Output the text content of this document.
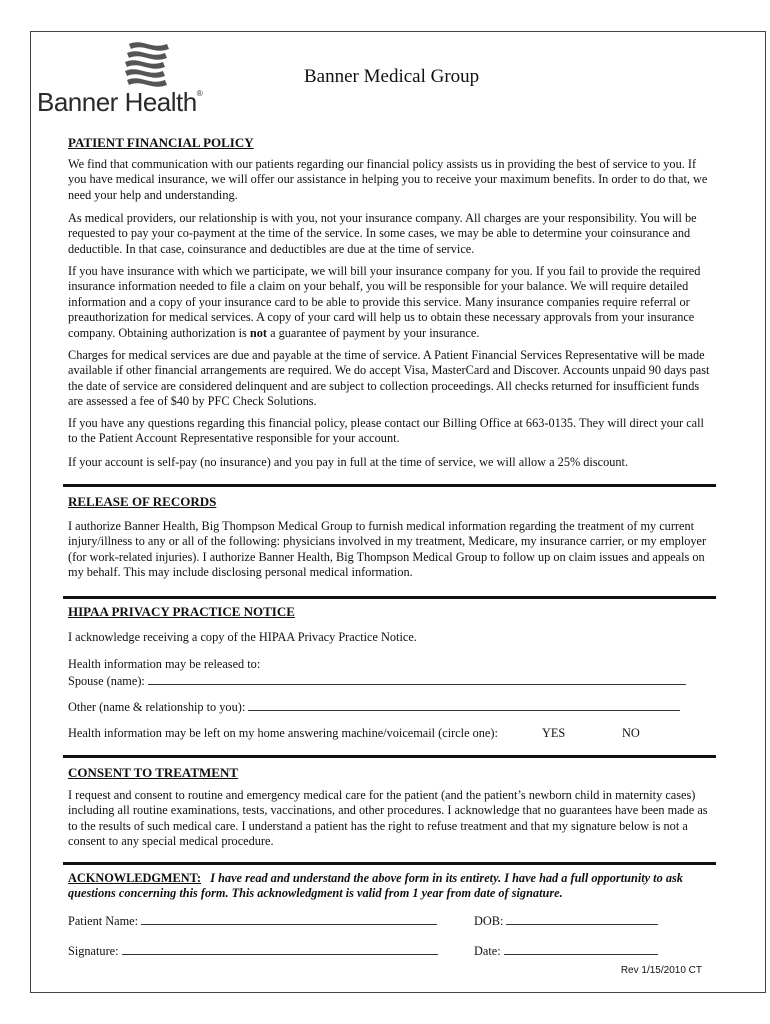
Banner Health®
Banner Medical Group
PATIENT FINANCIAL POLICY
We find that communication with our patients regarding our financial policy assists us in providing the best of service to you. If you have medical insurance, we will offer our assistance in helping you to receive your maximum benefits. In order to do that, we need your help and understanding.
As medical providers, our relationship is with you, not your insurance company. All charges are your responsibility. You will be requested to pay your co-payment at the time of the service. In some cases, we may be able to determine your coinsurance and deductible. In that case, coinsurance and deductibles are due at the time of service.
If you have insurance with which we participate, we will bill your insurance company for you. If you fail to provide the required insurance information needed to file a claim on your behalf, you will be responsible for your balance. We will require detailed information and a copy of your insurance card to be able to provide this service. Many insurance companies require referral or preauthorization for medical services. A copy of your card will help us to obtain these necessary approvals from your insurance company. Obtaining authorization is not a guarantee of payment by your insurance.
Charges for medical services are due and payable at the time of service. A Patient Financial Services Representative will be made available if other financial arrangements are required. We do accept Visa, MasterCard and Discover. Accounts unpaid 90 days past the date of service are considered delinquent and are subject to collection proceedings. All checks returned for insufficient funds are assessed a fee of $40 by PFC Check Solutions.
If you have any questions regarding this financial policy, please contact our Billing Office at 663-0135. They will direct your call to the Patient Account Representative responsible for your account.
If your account is self-pay (no insurance) and you pay in full at the time of service, we will allow a 25% discount.
RELEASE OF RECORDS
I authorize Banner Health, Big Thompson Medical Group to furnish medical information regarding the treatment of my current injury/illness to any or all of the following: physicians involved in my treatment, Medicare, my insurance carrier, or my employer (for work-related injuries). I authorize Banner Health, Big Thompson Medical Group to follow up on claim issues and appeals on my behalf. This may include disclosing personal medical information.
HIPAA PRIVACY PRACTICE NOTICE
I acknowledge receiving a copy of the HIPAA Privacy Practice Notice.
Health information may be released to:
Spouse (name):
Other (name & relationship to you):
Health information may be left on my home answering machine/voicemail (circle one):	YES	NO
CONSENT TO TREATMENT
I request and consent to routine and emergency medical care for the patient (and the patient’s newborn child in maternity cases) including all routine examinations, tests, vaccinations, and other procedures. I acknowledge that no guarantees have been made as to the results of such medical care. I understand a patient has the right to refuse treatment and that my signature below is not a consent to any special medical procedure.
ACKNOWLEDGMENT: I have read and understand the above form in its entirety. I have had a full opportunity to ask questions concerning this form. This acknowledgment is valid from 1 year from date of signature.
Patient Name:	DOB:
Signature:	Date:
Rev 1/15/2010 CT
